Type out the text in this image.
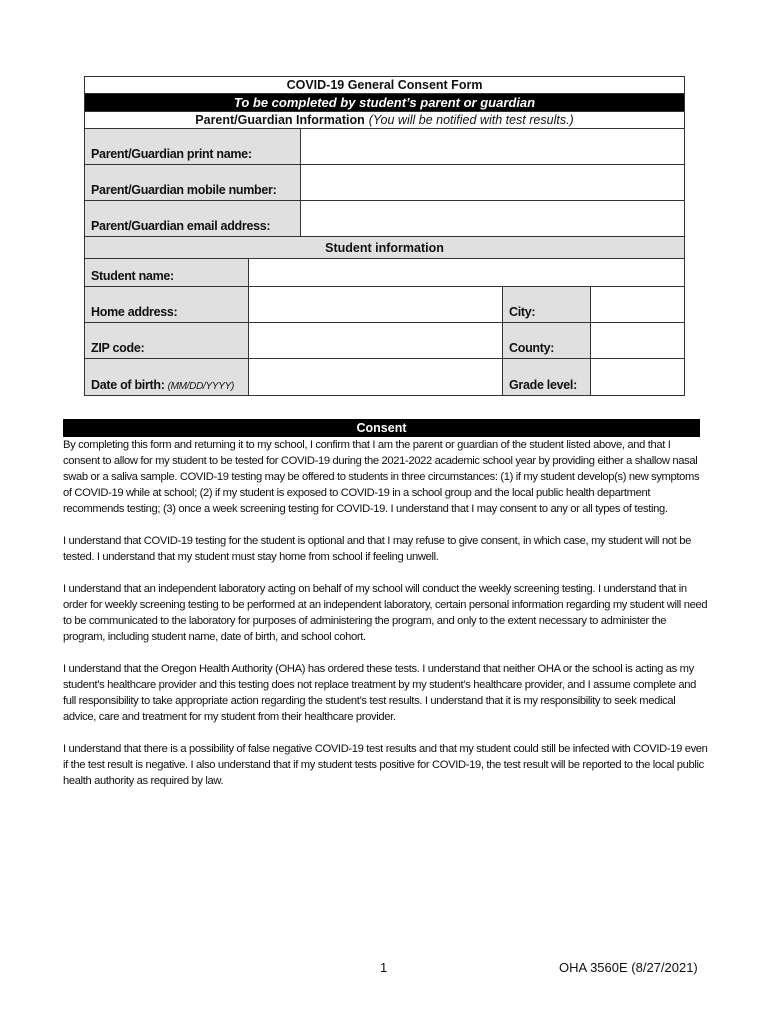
COVID-19 General Consent Form
To be completed by student’s parent or guardian
Parent/Guardian Information (You will be notified with test results.)
Parent/Guardian print name:
Parent/Guardian mobile number:
Parent/Guardian email address:
Student information
Student name:
Home address:	City:
ZIP code:	County:
Date of birth: (MM/DD/YYYY)	Grade level:
Consent

By completing this form and returning it to my school, I confirm that I am the parent or guardian of the student listed above, and that I consent to allow for my student to be tested for COVID-19 during the 2021-2022 academic school year by providing either a shallow nasal swab or a saliva sample. COVID-19 testing may be offered to students in three circumstances: (1) if my student develop(s) new symptoms of COVID-19 while at school; (2) if my student is exposed to COVID-19 in a school group and the local public health department recommends testing; (3) once a week screening testing for COVID-19. I understand that I may consent to any or all types of testing.

I understand that COVID-19 testing for the student is optional and that I may refuse to give consent, in which case, my student will not be tested. I understand that my student must stay home from school if feeling unwell.

I understand that an independent laboratory acting on behalf of my school will conduct the weekly screening testing. I understand that in order for weekly screening testing to be performed at an independent laboratory, certain personal information regarding my student will need to be communicated to the laboratory for purposes of administering the program, and only to the extent necessary to administer the program, including student name, date of birth, and school cohort.

I understand that the Oregon Health Authority (OHA) has ordered these tests. I understand that neither OHA or the school is acting as my student’s healthcare provider and this testing does not replace treatment by my student’s healthcare provider, and I assume complete and full responsibility to take appropriate action regarding the student’s test results. I understand that it is my responsibility to seek medical advice, care and treatment for my student from their healthcare provider.

I understand that there is a possibility of false negative COVID-19 test results and that my student could still be infected with COVID-19 even if the test result is negative. I also understand that if my student tests positive for COVID-19, the test result will be reported to the local public health authority as required by law.

1	OHA 3560E (8/27/2021)
